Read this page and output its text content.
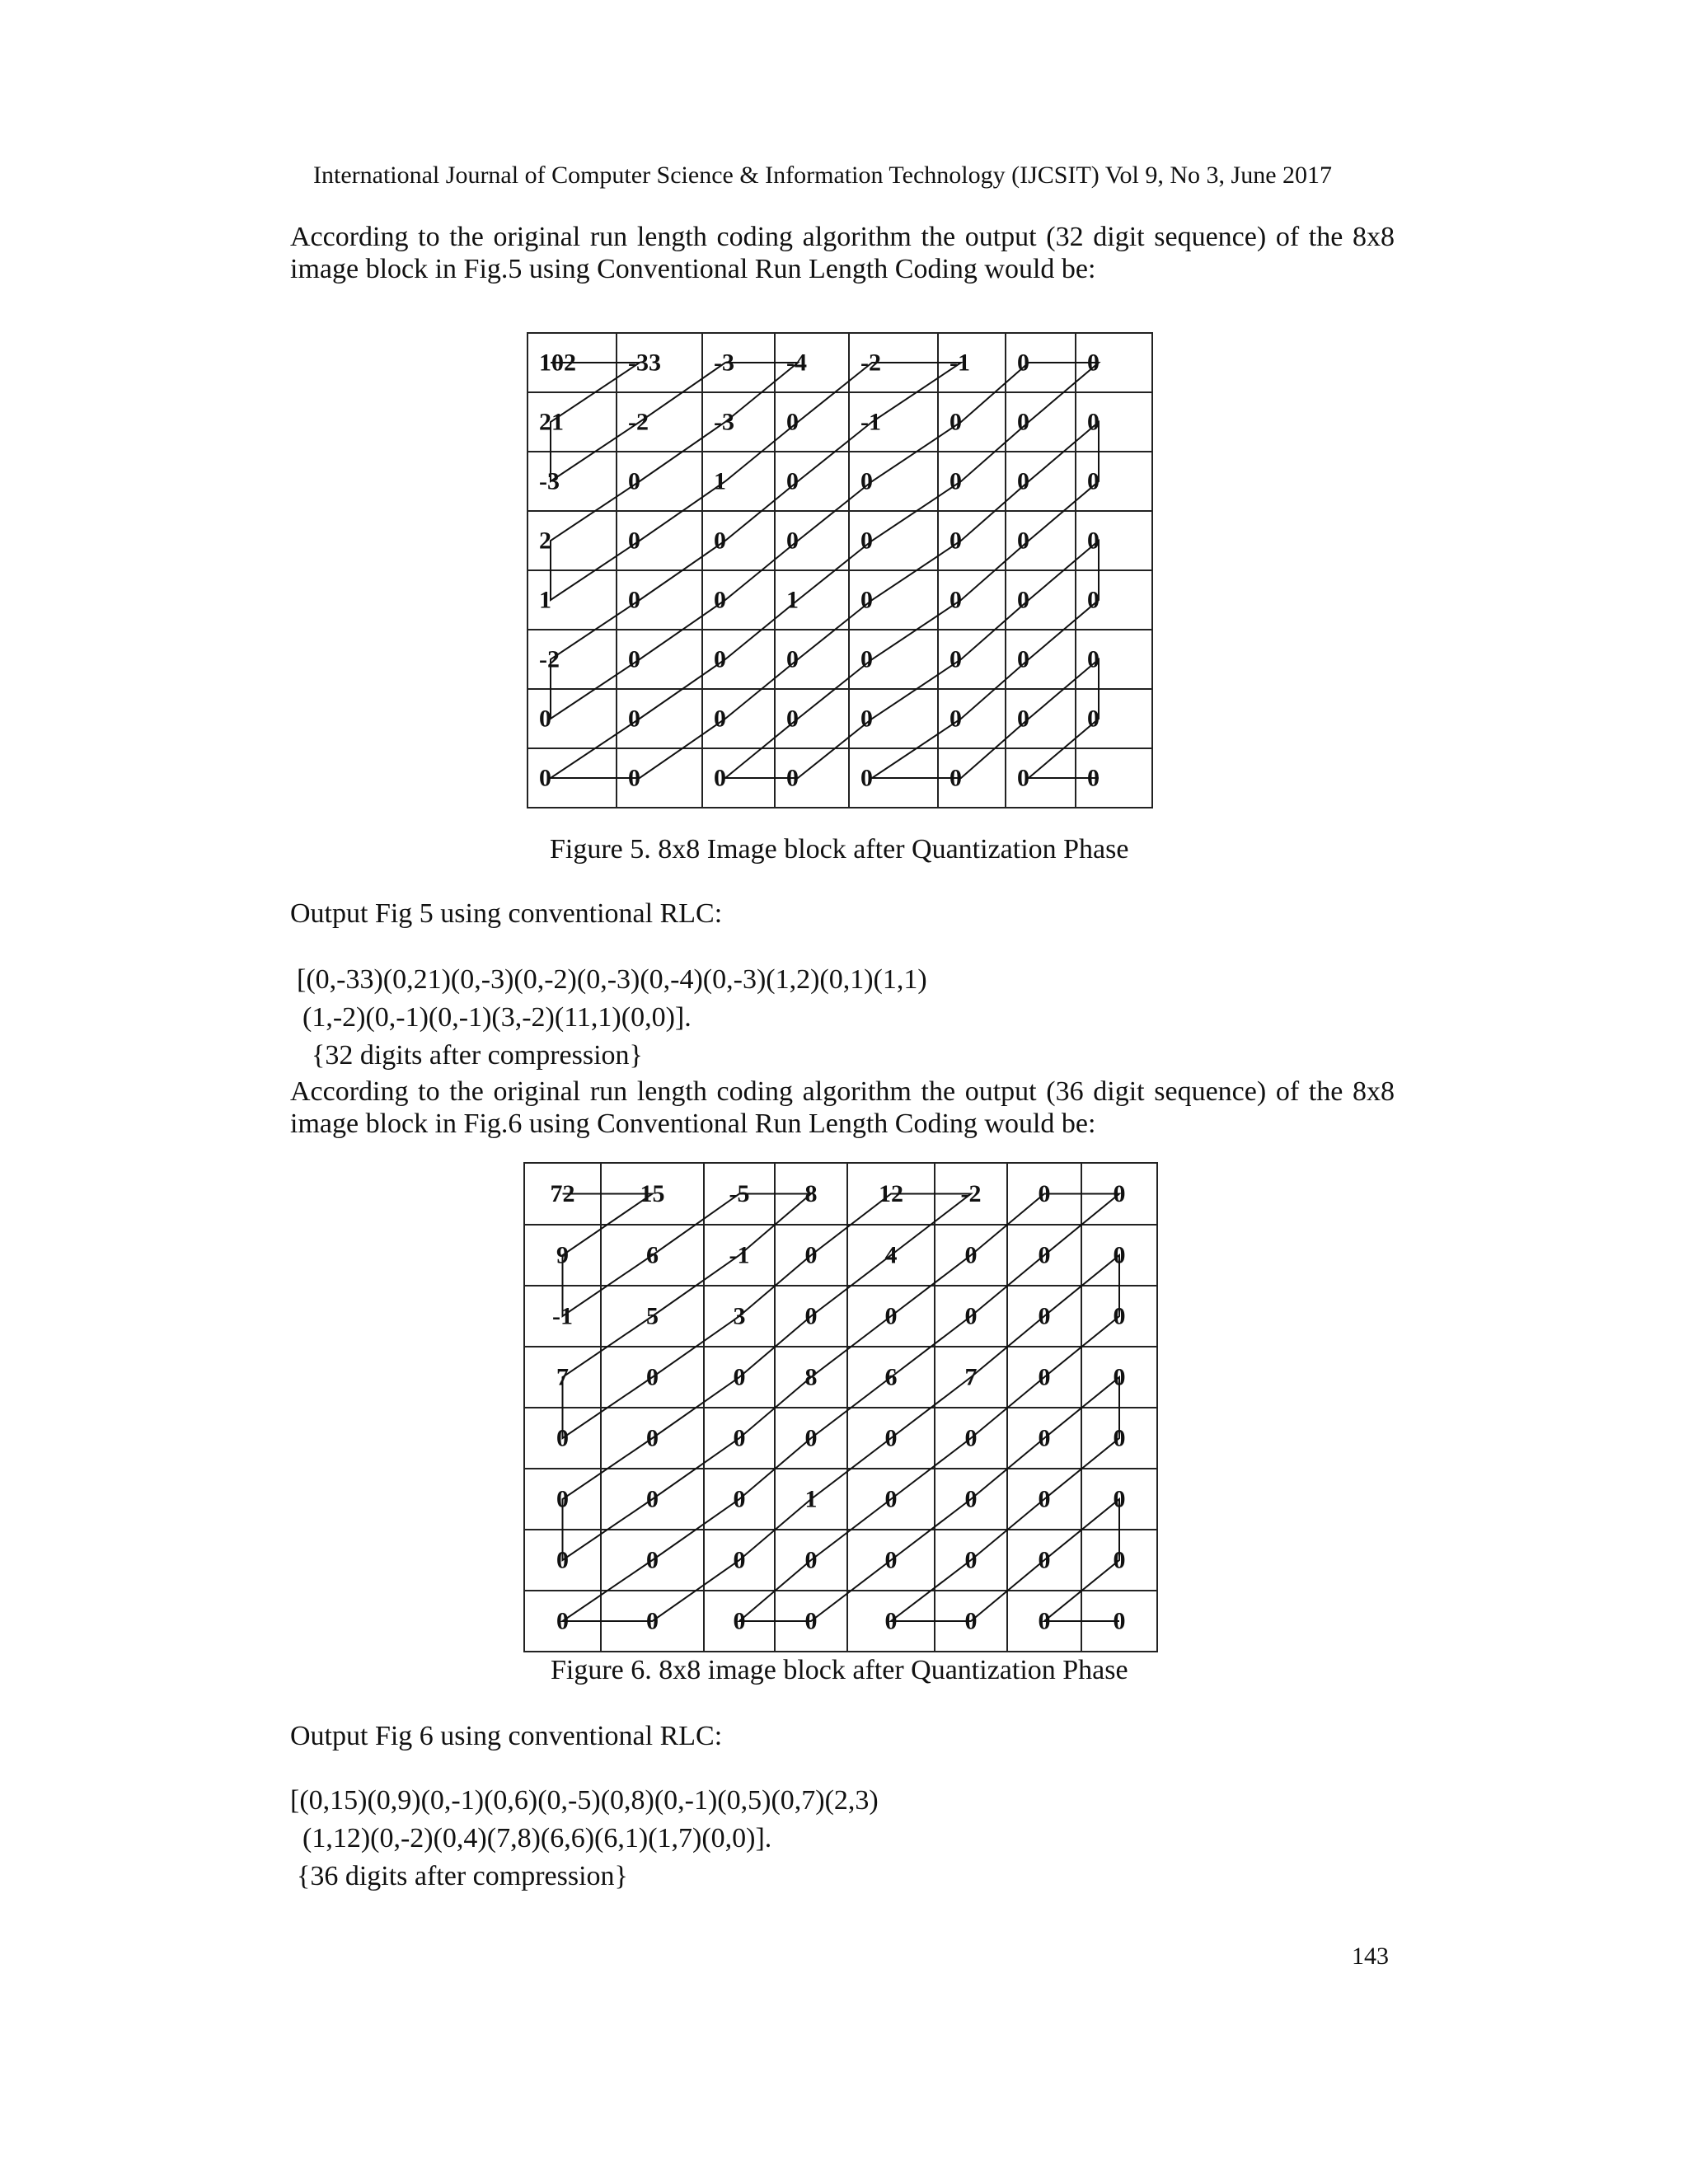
International Journal of Computer Science & Information Technology (IJCSIT) Vol 9, No 3, June 2017
According to the original run length coding algorithm the output (32 digit sequence) of the 8x8
image block in Fig.5 using Conventional Run Length Coding would be:
102 -33 -3 -4 -2	-1 0 0
21	-2	-3 0	-1	0 0 0
-3	0	1 0	0	0 0 0
2	0	0 0	0	0 0 0
1	0	0 1	0	0 0 0
-2	0	0 0	0	0 0 0
0	0	0 0	0	0 0 0
0	0	0 0	0	0 0 0
Figure 5. 8x8 Image block after Quantization Phase
Output Fig 5 using conventional RLC:
[(0,-33)(0,21)(0,-3)(0,-2)(0,-3)(0,-4)(0,-3)(1,2)(0,1)(1,1)
(1,-2)(0,-1)(0,-1)(3,-2)(11,1)(0,0)].
{32 digits after compression}
According to the original run length coding algorithm the output (36 digit sequence) of the 8x8
image block in Fig.6 using Conventional Run Length Coding would be:
72	15	-5 8 12 -2 0	0
9	6	-1 0	4	0 0	0
-1	5	3 0	0	0 0	0
7	0	0 8	6	7 0	0
0	0	0 0	0	0 0	0
0	0	0 1	0	0 0	0
0	0	0 0	0	0 0	0
0	0	0 0	0	0 0	0
Figure 6. 8x8 image block after Quantization Phase
Output Fig 6 using conventional RLC:
[(0,15)(0,9)(0,-1)(0,6)(0,-5)(0,8)(0,-1)(0,5)(0,7)(2,3)
(1,12)(0,-2)(0,4)(7,8)(6,6)(6,1)(1,7)(0,0)].
{36 digits after compression}
143
